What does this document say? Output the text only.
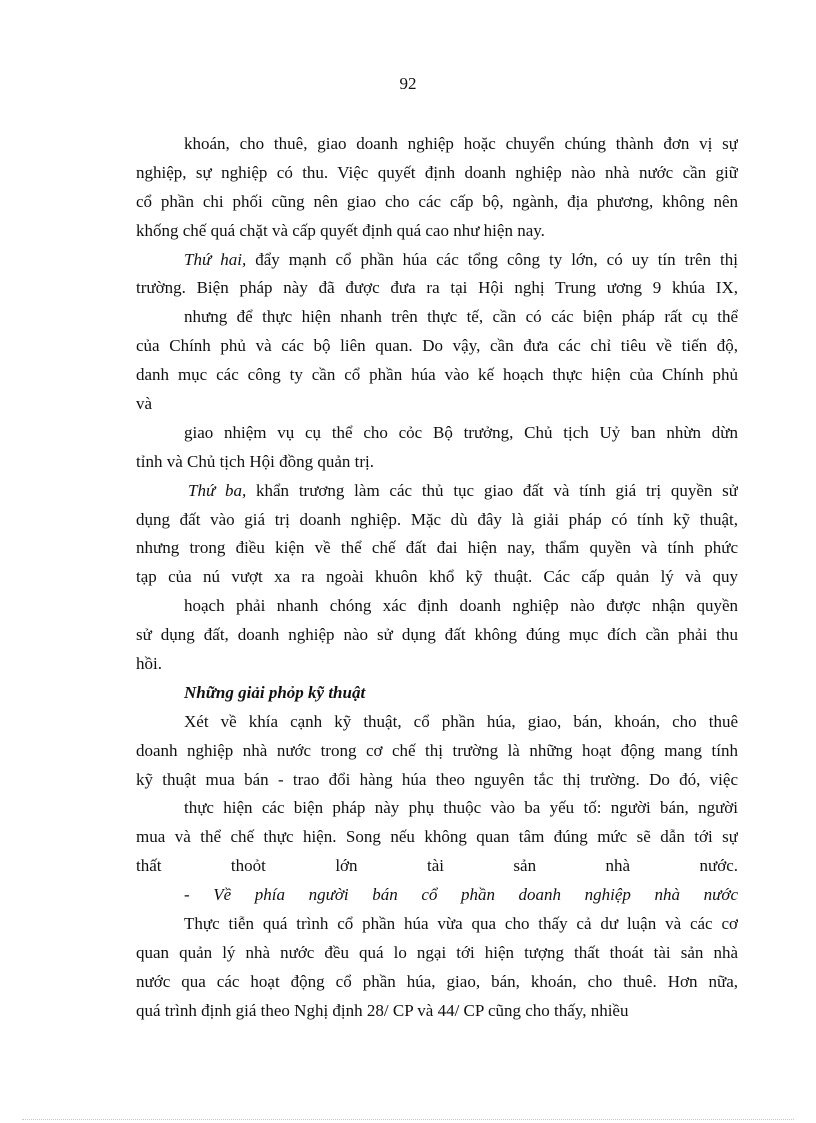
92
khoán, cho thuê, giao doanh nghiệp hoặc chuyển chúng thành đơn vị sự
nghiệp, sự nghiệp có thu. Việc quyết định doanh nghiệp nào nhà nước cần giữ
cổ phần chi phối cũng nên giao cho các cấp bộ, ngành, địa phương, không nên
khống chế quá chặt và cấp quyết định quá cao như hiện nay.
Thứ hai, đẩy mạnh cổ phần húa các tổng công ty lớn, có uy tín trên thị
trường. Biện pháp này đã được đưa ra tại Hội nghị Trung ương 9 khúa IX,
nhưng để thực hiện nhanh trên thực tế, cần có các biện pháp rất cụ thể
của Chính phủ và các bộ liên quan. Do vậy, cần đưa các chỉ tiêu về tiến độ,
danh mục các công ty cần cổ phần húa vào kế hoạch thực hiện của Chính phủ
và
giao nhiệm vụ cụ thể cho cỏc Bộ trưởng, Chủ tịch Uỷ ban nhừn dừn
tỉnh và Chủ tịch Hội đồng quản trị.
Thứ ba, khẩn trương làm các thủ tục giao đất và tính giá trị quyền sử
dụng đất vào giá trị doanh nghiệp. Mặc dù đây là giải pháp có tính kỹ thuật,
nhưng trong điều kiện về thể chế đất đai hiện nay, thẩm quyền và tính phức
tạp của nú vượt xa ra ngoài khuôn khổ kỹ thuật. Các cấp quản lý và quy
hoạch phải nhanh chóng xác định doanh nghiệp nào được nhận quyền
sử dụng đất, doanh nghiệp nào sử dụng đất không đúng mục đích cần phải thu
hồi.
Những giải phỏp kỹ thuật
Xét về khía cạnh kỹ thuật, cổ phần húa, giao, bán, khoán, cho thuê
doanh nghiệp nhà nước trong cơ chế thị trường là những hoạt động mang tính
kỹ thuật mua bán - trao đổi hàng húa theo nguyên tắc thị trường. Do đó, việc
thực hiện các biện pháp này phụ thuộc vào ba yếu tố: người bán, người
mua và thể chế thực hiện. Song nếu không quan tâm đúng mức sẽ dẫn tới sự
thất thoỏt lớn tài sản nhà nước.
- Về phía người bán cổ phần doanh nghiệp nhà nước
Thực tiễn quá trình cổ phần húa vừa qua cho thấy cả dư luận và các cơ
quan quản lý nhà nước đều quá lo ngại tới hiện tượng thất thoát tài sản nhà
nước qua các hoạt động cổ phần húa, giao, bán, khoán, cho thuê. Hơn nữa,
quá trình định giá theo Nghị định 28/ CP và 44/ CP cũng cho thấy, nhiều
